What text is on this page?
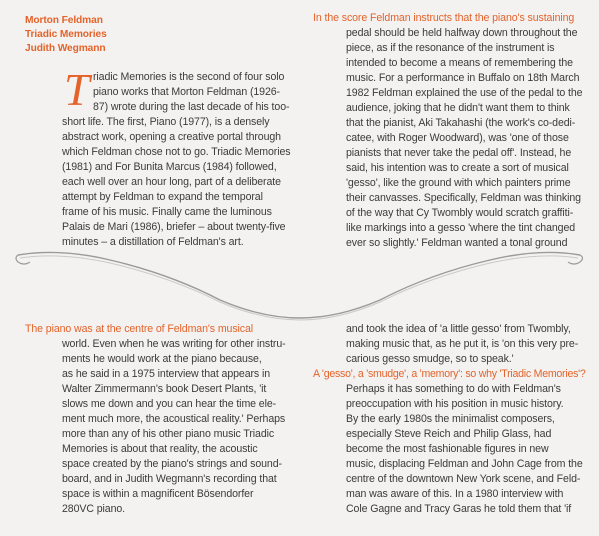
Morton Feldman
Triadic Memories
Judith Wegmann
T riadic Memories is the second of four solo
piano works that Morton Feldman (1926-
87) wrote during the last decade of his too-
short life. The first, Piano (1977), is a densely
abstract work, opening a creative portal through
which Feldman chose not to go. Triadic Memories
(1981) and For Bunita Marcus (1984) followed,
each well over an hour long, part of a deliberate
attempt by Feldman to expand the temporal
frame of his music. Finally came the luminous
Palais de Mari (1986), briefer – about twenty-five
minutes – a distillation of Feldman's art.
In the score Feldman instructs that the piano's sustaining
pedal should be held halfway down throughout the
piece, as if the resonance of the instrument is
intended to become a means of remembering the
music. For a performance in Buffalo on 18th March
1982 Feldman explained the use of the pedal to the
audience, joking that he didn't want them to think
that the pianist, Aki Takahashi (the work's co-dedi-
catee, with Roger Woodward), was 'one of those
pianists that never take the pedal off'. Instead, he
said, his intention was to create a sort of musical
'gesso', like the ground with which painters prime
their canvasses. Specifically, Feldman was thinking
of the way that Cy Twombly would scratch graffiti-
like markings into a gesso 'where the tint changed
ever so slightly.' Feldman wanted a tonal ground
The piano was at the centre of Feldman's musical
world. Even when he was writing for other instru-
ments he would work at the piano because,
as he said in a 1975 interview that appears in
Walter Zimmermann's book Desert Plants, 'it
slows me down and you can hear the time ele-
ment much more, the acoustical reality.' Perhaps
more than any of his other piano music Triadic
Memories is about that reality, the acoustic
space created by the piano's strings and sound-
board, and in Judith Wegmann's recording that
space is within a magnificent Bösendorfer
280VC piano.
and took the idea of 'a little gesso' from Twombly,
making music that, as he put it, is 'on this very pre-
carious gesso smudge, so to speak.'
A 'gesso', a 'smudge', a 'memory': so why 'Triadic Memories'?
Perhaps it has something to do with Feldman's
preoccupation with his position in music history.
By the early 1980s the minimalist composers,
especially Steve Reich and Philip Glass, had
become the most fashionable figures in new
music, displacing Feldman and John Cage from the
centre of the downtown New York scene, and Feld-
man was aware of this. In a 1980 interview with
Cole Gagne and Tracy Garas he told them that 'if
